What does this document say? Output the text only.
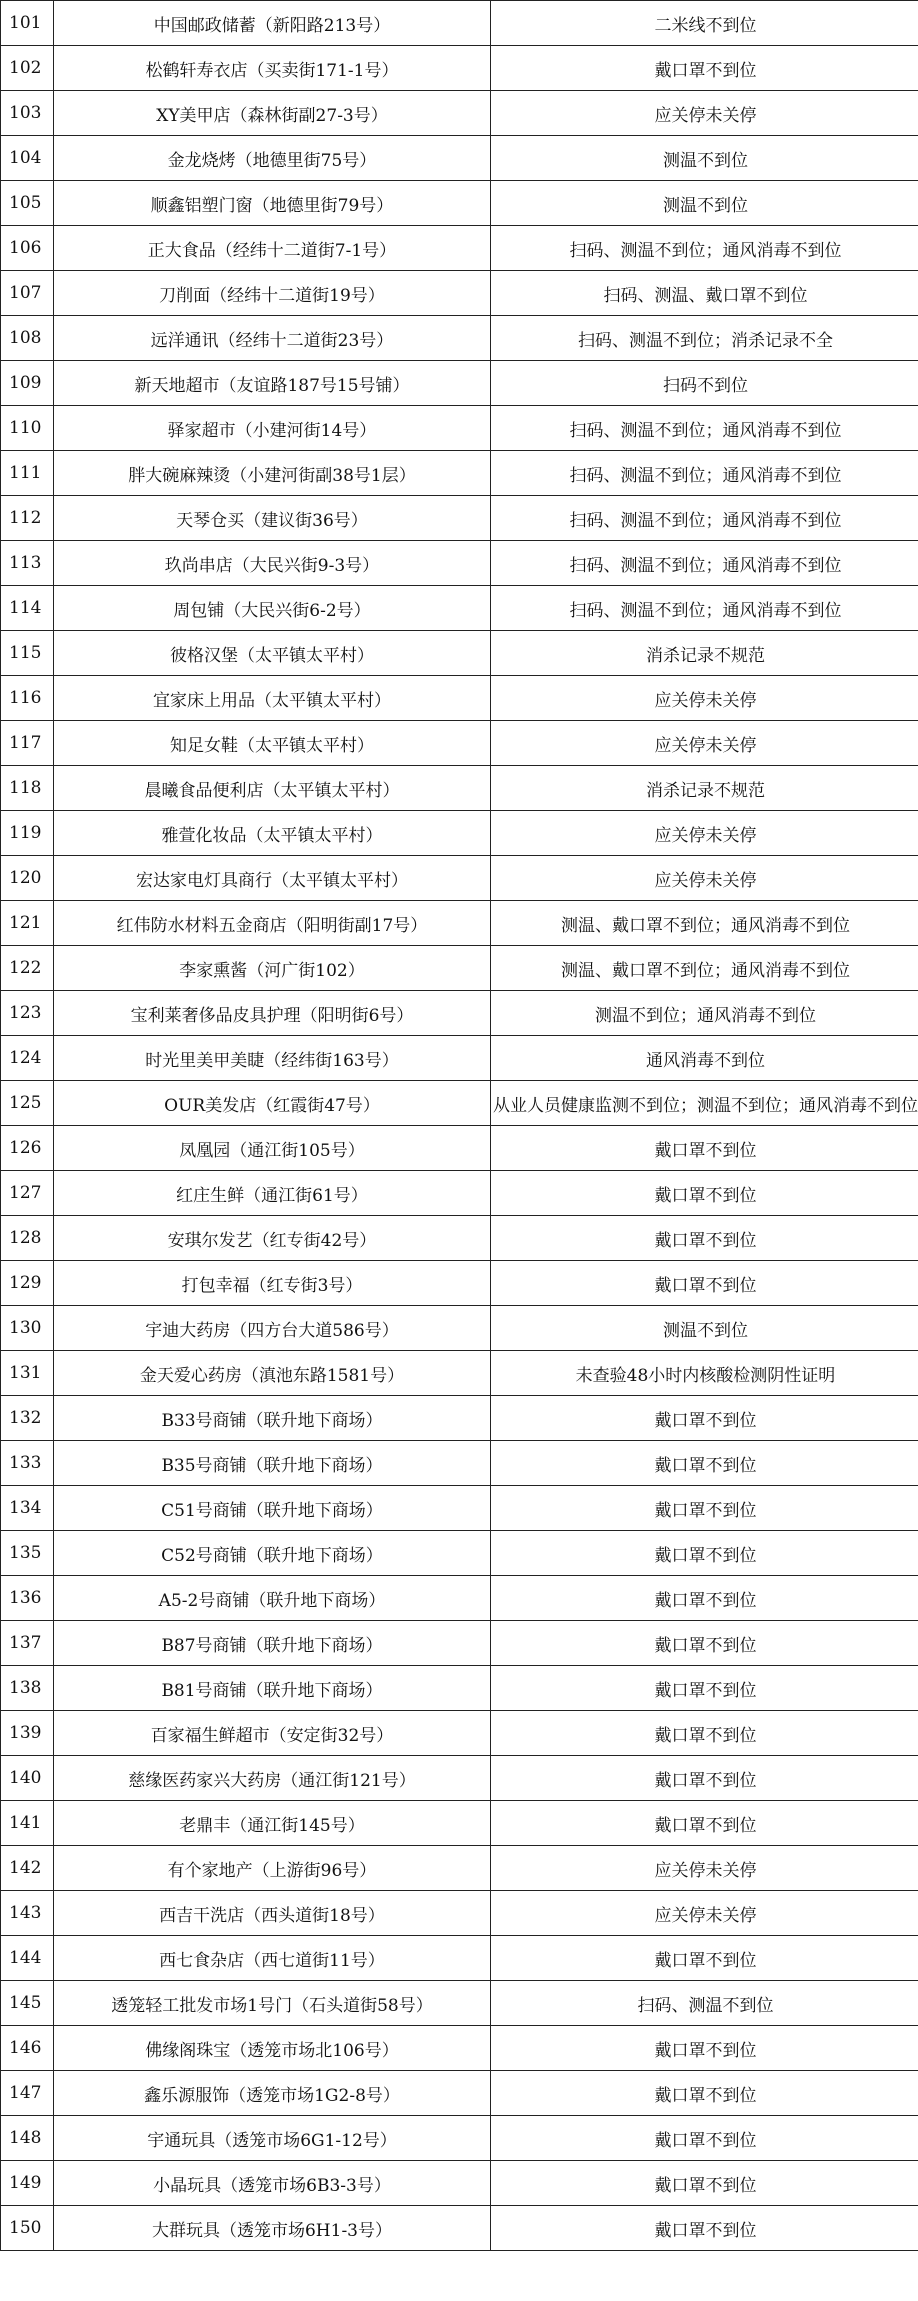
101	中国邮政储蓄（新阳路213号）	二米线不到位
102	松鹤轩寿衣店（买卖街171-1号）	戴口罩不到位
103	XY美甲店（森林街副27-3号）	应关停未关停
104	金龙烧烤（地德里街75号）	测温不到位
105	顺鑫铝塑门窗（地德里街79号）	测温不到位
106	正大食品（经纬十二道街7-1号）	扫码、测温不到位；通风消毒不到位
107	刀削面（经纬十二道街19号）	扫码、测温、戴口罩不到位
108	远洋通讯（经纬十二道街23号）	扫码、测温不到位；消杀记录不全
109	新天地超市（友谊路187号15号铺）	扫码不到位
110	驿家超市（小建河街14号）	扫码、测温不到位；通风消毒不到位
111	胖大碗麻辣烫（小建河街副38号1层）	扫码、测温不到位；通风消毒不到位
112	天琴仓买（建议街36号）	扫码、测温不到位；通风消毒不到位
113	玖尚串店（大民兴街9-3号）	扫码、测温不到位；通风消毒不到位
114	周包铺（大民兴街6-2号）	扫码、测温不到位；通风消毒不到位
115	彼格汉堡（太平镇太平村）	消杀记录不规范
116	宜家床上用品（太平镇太平村）	应关停未关停
117	知足女鞋（太平镇太平村）	应关停未关停
118	晨曦食品便利店（太平镇太平村）	消杀记录不规范
119	雅萱化妆品（太平镇太平村）	应关停未关停
120	宏达家电灯具商行（太平镇太平村）	应关停未关停
121	红伟防水材料五金商店（阳明街副17号）	测温、戴口罩不到位；通风消毒不到位
122	李家熏酱（河广街102）	测温、戴口罩不到位；通风消毒不到位
123	宝利莱奢侈品皮具护理（阳明街6号）	测温不到位；通风消毒不到位
124	时光里美甲美睫（经纬街163号）	通风消毒不到位
125	OUR美发店（红霞街47号）	从业人员健康监测不到位；测温不到位；通风消毒不到位
126	凤凰园（通江街105号）	戴口罩不到位
127	红庄生鲜（通江街61号）	戴口罩不到位
128	安琪尔发艺（红专街42号）	戴口罩不到位
129	打包幸福（红专街3号）	戴口罩不到位
130	宇迪大药房（四方台大道586号）	测温不到位
131	金天爱心药房（滇池东路1581号）	未查验48小时内核酸检测阴性证明
132	B33号商铺（联升地下商场）	戴口罩不到位
133	B35号商铺（联升地下商场）	戴口罩不到位
134	C51号商铺（联升地下商场）	戴口罩不到位
135	C52号商铺（联升地下商场）	戴口罩不到位
136	A5-2号商铺（联升地下商场）	戴口罩不到位
137	B87号商铺（联升地下商场）	戴口罩不到位
138	B81号商铺（联升地下商场）	戴口罩不到位
139	百家福生鲜超市（安定街32号）	戴口罩不到位
140	慈缘医药家兴大药房（通江街121号）	戴口罩不到位
141	老鼎丰（通江街145号）	戴口罩不到位
142	有个家地产（上游街96号）	应关停未关停
143	西吉干洗店（西头道街18号）	应关停未关停
144	西七食杂店（西七道街11号）	戴口罩不到位
145	透笼轻工批发市场1号门（石头道街58号）	扫码、测温不到位
146	佛缘阁珠宝（透笼市场北106号）	戴口罩不到位
147	鑫乐源服饰（透笼市场1G2-8号）	戴口罩不到位
148	宇通玩具（透笼市场6G1-12号）	戴口罩不到位
149	小晶玩具（透笼市场6B3-3号）	戴口罩不到位
150	大群玩具（透笼市场6H1-3号）	戴口罩不到位
